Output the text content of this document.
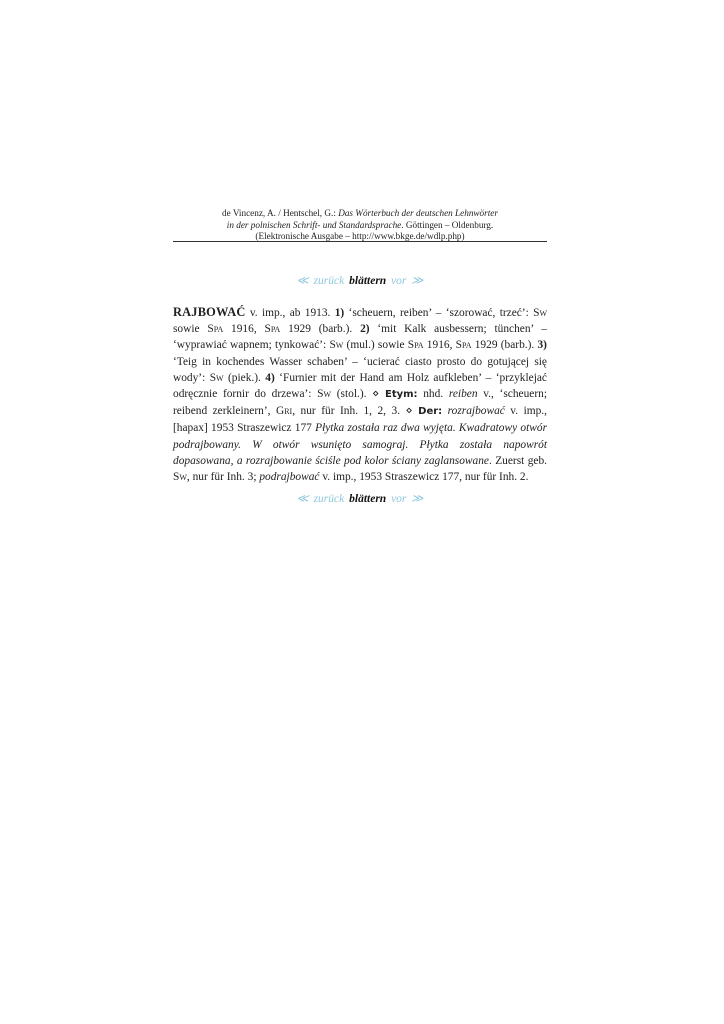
de Vincenz, A. / Hentschel, G.: Das Wörterbuch der deutschen Lehnwörter
in der polnischen Schrift- und Standardsprache. Göttingen – Oldenburg.
(Elektronische Ausgabe – http://www.bkge.de/wdlp.php)
≪ zurück blättern vor ≫
RAJBOWAĆ v. imp., ab 1913. 1) ‘scheuern, reiben’ – ‘szorować, trzeć’: Sw sowie Spa 1916, Spa 1929 (barb.). 2) ‘mit Kalk ausbessern; tünchen’ – ‘wyprawiać wapnem; tynkować’: Sw (mul.) sowie Spa 1916, Spa 1929 (barb.). 3) ‘Teig in kochendes Wasser schaben’ – ‘ucierać ciasto prosto do gotującej się wody’: Sw (piek.). 4) ‘Furnier mit der Hand am Holz aufkleben’ – ‘przyklejać odręcznie fornir do drzewa’: Sw (stol.). ⋄ Etym: nhd. reiben v., ‘scheuern; reibend zerkleinern’, Gri, nur für Inh. 1, 2, 3. ⋄ Der: rozrajbować v. imp., [hapax] 1953 Straszewicz 177 Płytka została raz dwa wyjęta. Kwadratowy otwór podrajbowany. W otwór wsunięto samograj. Płytka została napowrót dopasowana, a rozrajbowanie ściśle pod kolor ściany zaglansowane. Zuerst geb. Sw, nur für Inh. 3; podrajbować v. imp., 1953 Straszewicz 177, nur für Inh. 2.
≪ zurück blättern vor ≫
